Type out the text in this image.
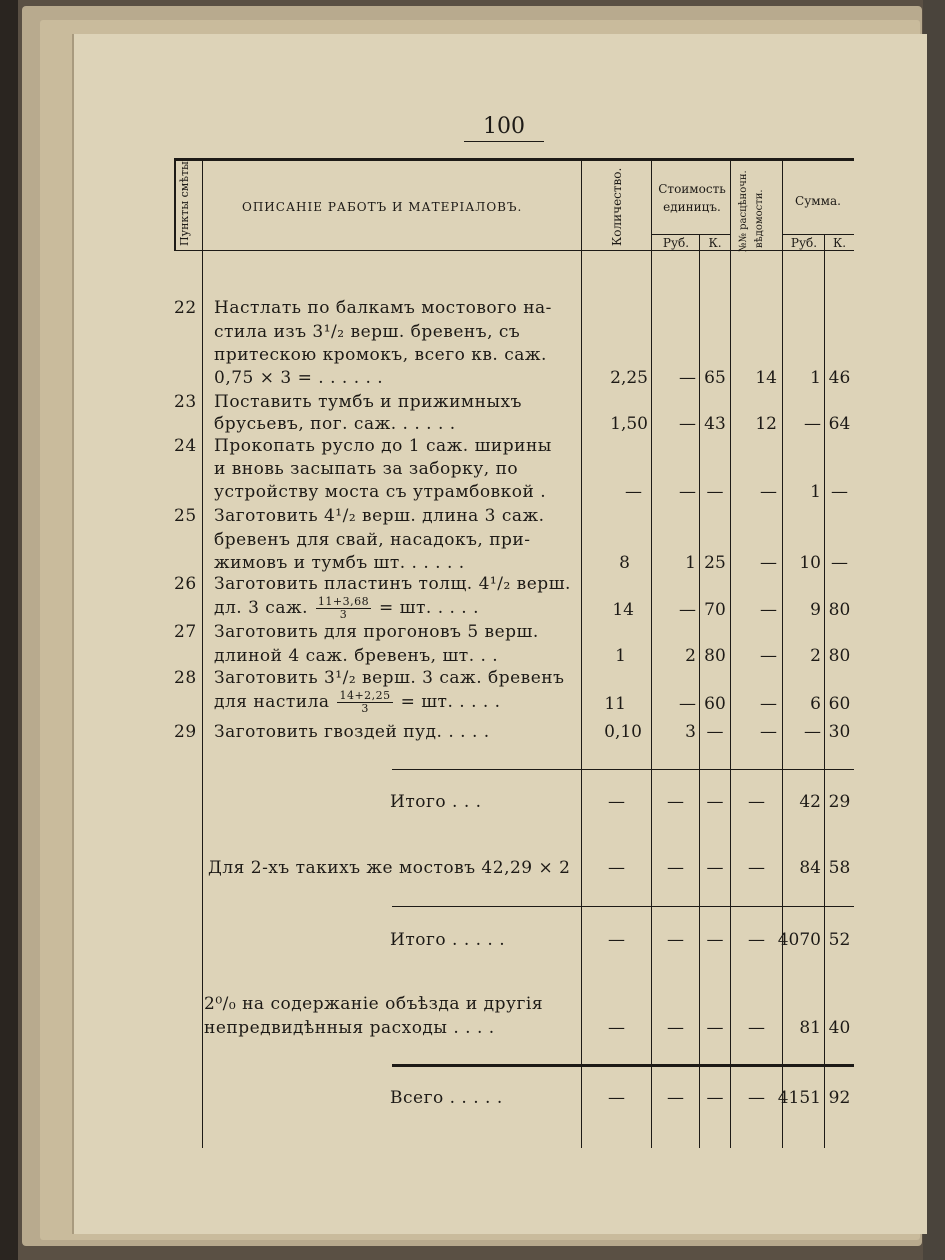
100
Пункты смѣты	ОПИСАНІЕ РАБОТЪ И МАТЕРІАЛОВЪ.	Количество.	Стоимость единицъ.
Руб.	К.	№№ расцѣночн. вѣдомости.	Сумма.
Руб.	К.
22 Настлать по балкамъ мостового на-
стила изъ 3¹/₂ верш. бревенъ, съ
притескою кромокъ, всего кв. саж.
0,75 × 3 = . . . . . .	2,25	— 65	14	1 46
23 Поставить тумбъ и прижимныхъ
брусьевъ, пог. саж. . . . . .	1,50	— 43	12	— 64
24 Прокопать русло до 1 саж. ширины
и вновь засыпать за заборку, по
устройству моста съ утрамбовкой .	—	— —	—	1 —
25 Заготовить 4¹/₂ верш. длина 3 саж.
бревенъ для свай, насадокъ, при-
жимовъ и тумбъ шт. . . . . .	8	1 25	—	10 —
26 Заготовить пластинъ толщ. 4¹/₂ верш.
дл. 3 саж. $\frac{11+3,68}{3}$ = шт. . . . .	14	— 70	—	9 80
27 Заготовить для прогоновъ 5 верш.
длиной 4 саж. бревенъ, шт. . .	1	2 80	—	2 80
28 Заготовить 3¹/₂ верш. 3 саж. бревенъ
для настила $\frac{14+2,25}{3}$ = шт. . . . .	11	— 60	—	6 60
29 Заготовить гвоздей пуд. . . . .	0,10	3 —	—	— 30
Итого . . .	—	—	—	—	42 29
Для 2-хъ такихъ же мостовъ 42,29 × 2	—	—	—	—	84 58
Итого . . . . .	—	—	—	— 4070 52
2⁰/₀ на содержаніе объѣзда и другія
непредвидѣнныя расходы . . . .	—	—	—	—	81 40
Всего . . . . .	—	—	—	— 4151 92
